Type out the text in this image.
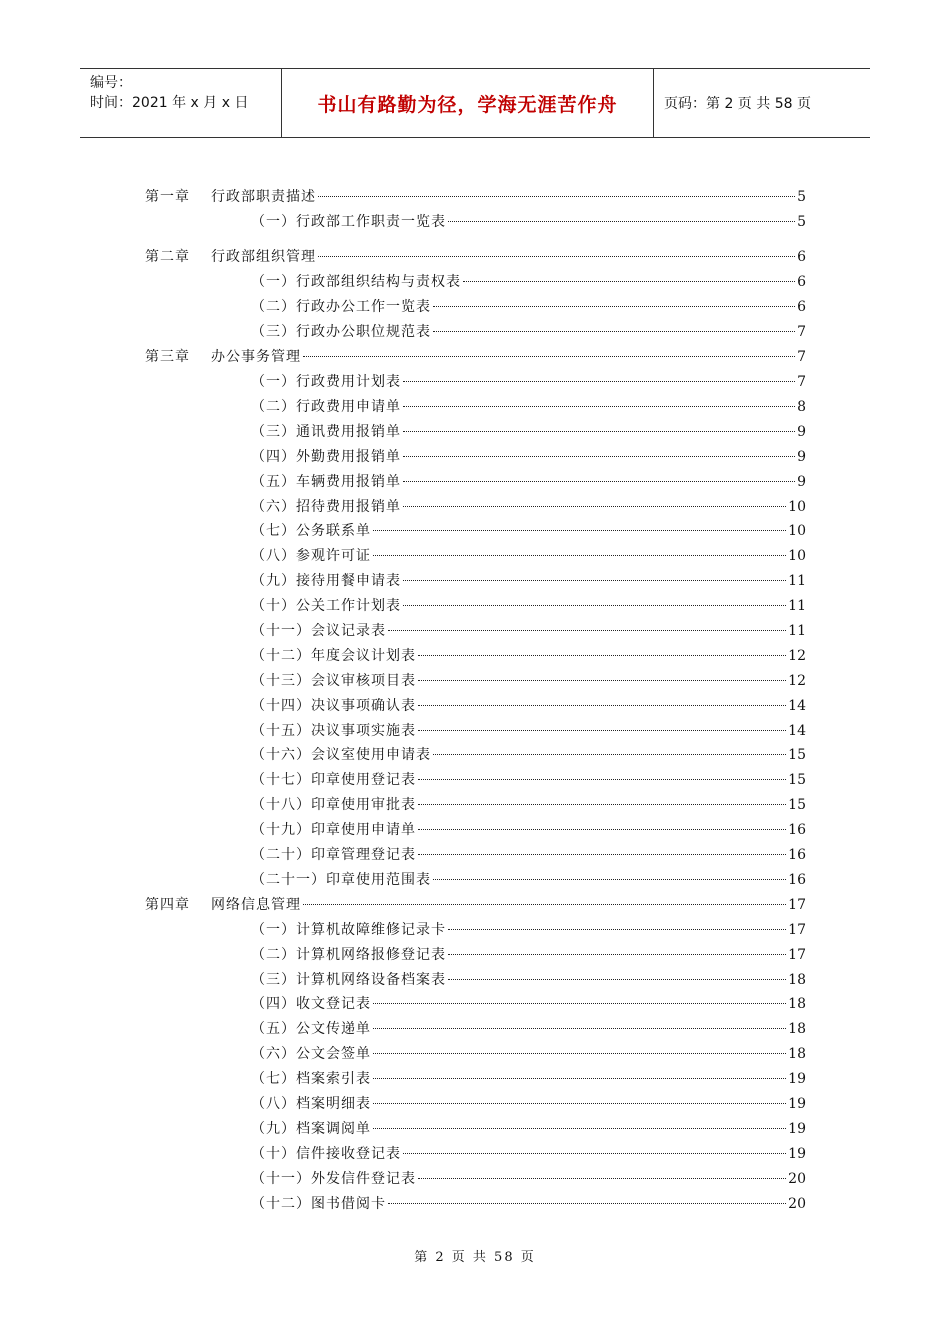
编号：
时间：2021 年 x 月 x 日	书山有路勤为径，学海无涯苦作舟	页码：第 2 页 共 58 页
第一章	行政部职责描述	5
（一）行政部工作职责一览表	5
第二章	行政部组织管理	6
（一）行政部组织结构与责权表	6
（二）行政办公工作一览表	6
（三）行政办公职位规范表	7
第三章	办公事务管理	7
（一）行政费用计划表	7
（二）行政费用申请单	8
（三）通讯费用报销单	9
（四）外勤费用报销单	9
（五）车辆费用报销单	9
（六）招待费用报销单	10
（七）公务联系单	10
（八）参观许可证	10
（九）接待用餐申请表	11
（十）公关工作计划表	11
（十一）会议记录表	11
（十二）年度会议计划表	12
（十三）会议审核项目表	12
（十四）决议事项确认表	14
（十五）决议事项实施表	14
（十六）会议室使用申请表	15
（十七）印章使用登记表	15
（十八）印章使用审批表	15
（十九）印章使用申请单	16
（二十）印章管理登记表	16
（二十一）印章使用范围表	16
第四章	网络信息管理	17
（一）计算机故障维修记录卡	17
（二）计算机网络报修登记表	17
（三）计算机网络设备档案表	18
（四）收文登记表	18
（五）公文传递单	18
（六）公文会签单	18
（七）档案索引表	19
（八）档案明细表	19
（九）档案调阅单	19
（十）信件接收登记表	19
（十一）外发信件登记表	20
（十二）图书借阅卡	20
第 2 页 共 58 页
